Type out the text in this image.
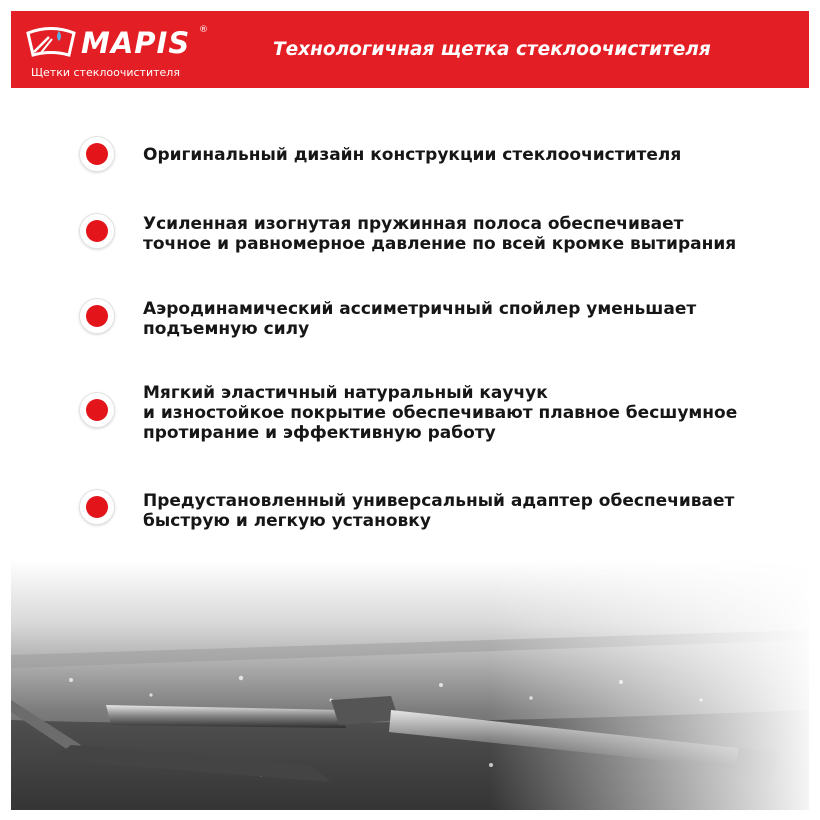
MAPIS ®
Щетки стеклоочистителя
Технологичная щетка стеклоочистителя
Оригинальный дизайн конструкции стеклоочистителя
Усиленная изогнутая пружинная полоса обеспечивает
точное и равномерное давление по всей кромке вытирания
Аэродинамический ассиметричный спойлер уменьшает
подъемную силу
Мягкий эластичный натуральный каучук
и изностойкое покрытие обеспечивают плавное бесшумное
протирание и эффективную работу
Предустановленный универсальный адаптер обеспечивает
быструю и легкую установку
